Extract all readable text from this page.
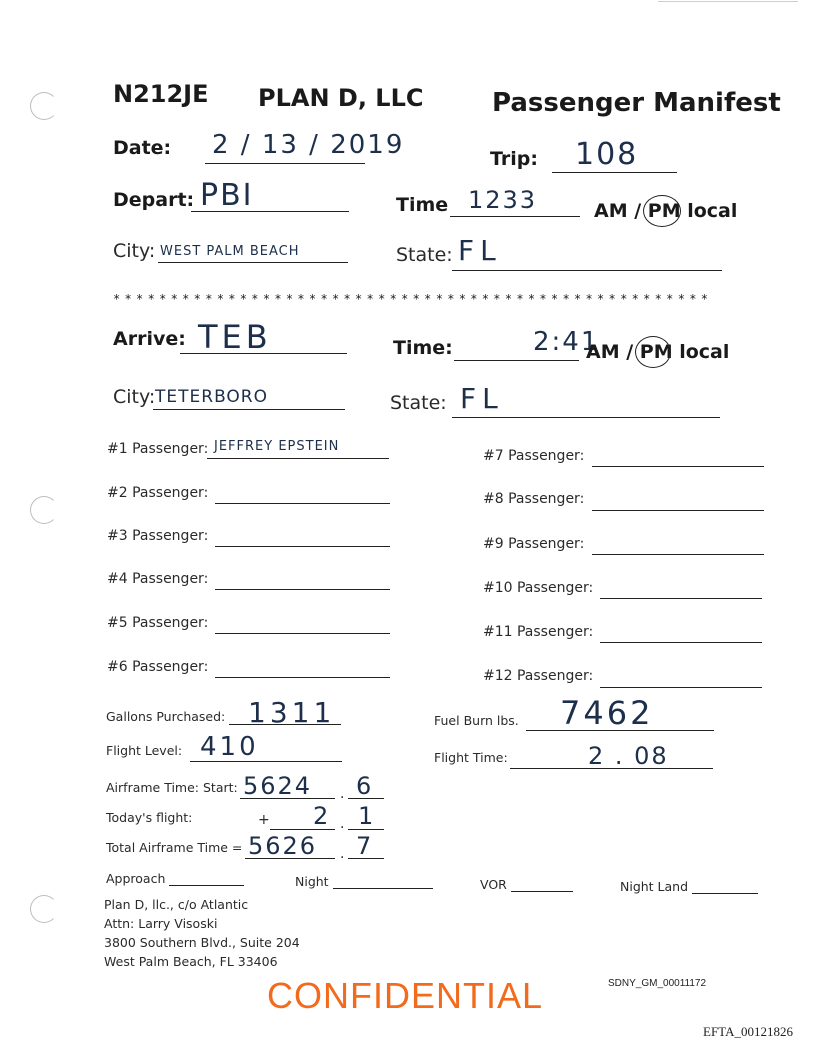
N212JE PLAN D, LLC	Passenger Manifest
Date: 2 / 13 / 2019	Trip: 108
Depart: PBI	Time 1233	AM / PM local
City: WEST PALM BEACH	State: FL
****************************************************
Arrive: TEB	Time:	2:41
AM / PM local
City: TETERBORO	State: FL
#1 Passenger: JEFFREY EPSTEIN
#2 Passenger:
#3 Passenger:
#4 Passenger:
#5 Passenger:
#6 Passenger:
#7 Passenger:
#8 Passenger:
#9 Passenger:
#10 Passenger:
#11 Passenger:
#12 Passenger:
Gallons Purchased: 1311	Fuel Burn lbs. 7462
Flight Level: 410	Flight Time:	2 . 08
Airframe Time: Start: 5624 . 6
Today's flight:	+ 2 . 1
Total Airframe Time = 5626 . 7
Approach	Night	VOR	Night Land
Plan D, llc., c/o Atlantic
Attn: Larry Visoski
3800 Southern Blvd., Suite 204
West Palm Beach, FL 33406
CONFIDENTIAL	SDNY_GM_00011172
EFTA_00121826
